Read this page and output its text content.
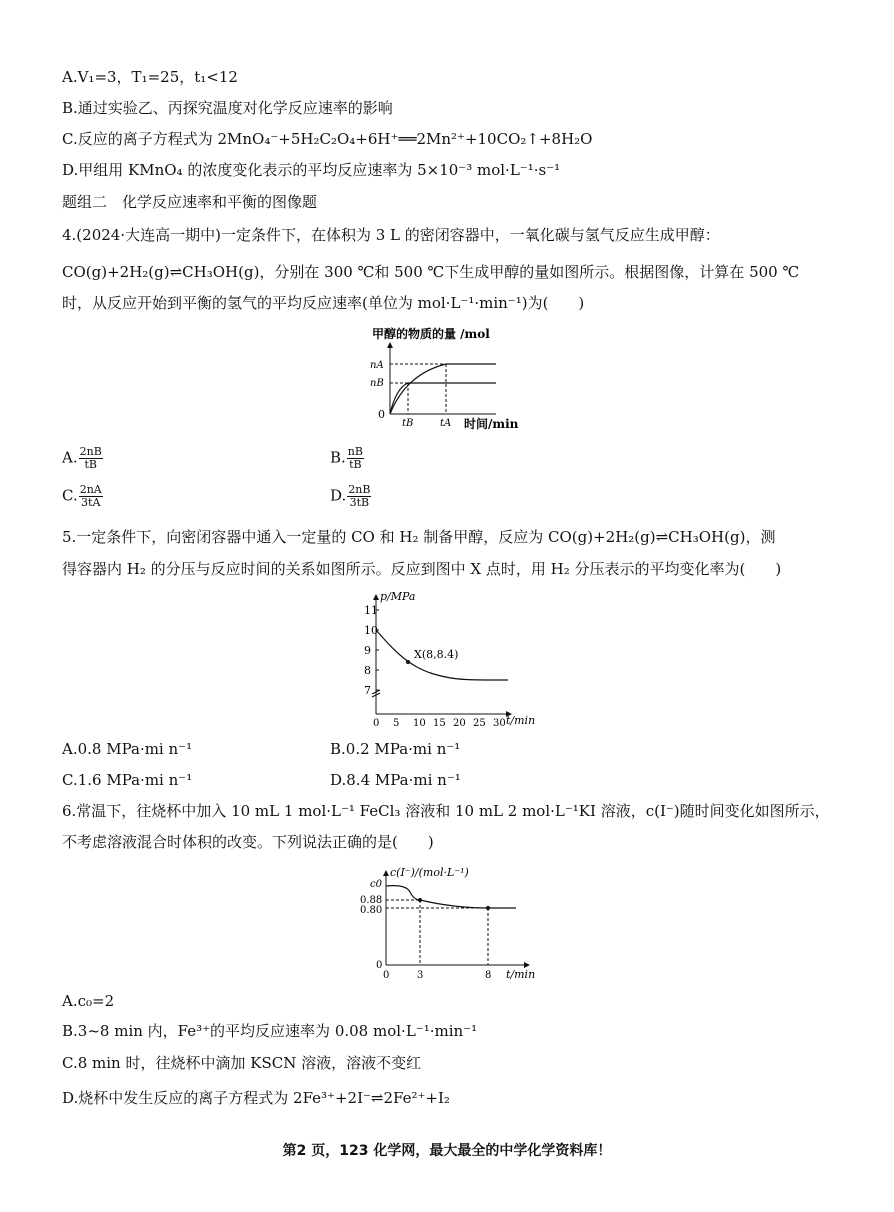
A.V₁=3，T₁=25，t₁<12
B.通过实验乙、丙探究温度对化学反应速率的影响
C.反应的离子方程式为 2MnO₄⁻+5H₂C₂O₄+6H⁺══2Mn²⁺+10CO₂↑+8H₂O
D.甲组用 KMnO₄ 的浓度变化表示的平均反应速率为 5×10⁻³ mol·L⁻¹·s⁻¹
题组二　化学反应速率和平衡的图像题
4.(2024·大连高一期中)一定条件下，在体积为 3 L 的密闭容器中，一氧化碳与氢气反应生成甲醇：
CO(g)+2H₂(g)⇌CH₃OH(g)，分别在 300 ℃和 500 ℃下生成甲醇的量如图所示。根据图像，计算在 500 ℃
时，从反应开始到平衡的氢气的平均反应速率(单位为 mol·L⁻¹·min⁻¹)为(　　)
甲醇的物质的量 /mol
0
nA
nB
tB	tA 时间/min
A. $\frac{2nB}{tB}$	B. $\frac{nB}{tB}$
C. $\frac{2nA}{3tA}$	D. $\frac{2nB}{3tB}$
5.一定条件下，向密闭容器中通入一定量的 CO 和 H₂ 制备甲醇，反应为 CO(g)+2H₂(g)⇌CH₃OH(g)，测
得容器内 H₂ 的分压与反应时间的关系如图所示。反应到图中 X 点时，用 H₂ 分压表示的平均变化率为(　　)
p/MPa
7
8
9
10
11
0 5 10 15 20 25 30
X(8,8.4)
t/min
A.0.8 MPa·mi n⁻¹	B.0.2 MPa·mi n⁻¹
C.1.6 MPa·mi n⁻¹	D.8.4 MPa·mi n⁻¹
6.常温下，往烧杯中加入 10 mL 1 mol·L⁻¹ FeCl₃ 溶液和 10 mL 2 mol·L⁻¹KI 溶液，c(I⁻)随时间变化如图所示，
不考虑溶液混合时体积的改变。下列说法正确的是(　　)
c(I⁻)/(mol·L⁻¹)
c0
0.88
0.80
0
0	3	8 t/min
A.c₀=2
B.3~8 min 内，Fe³⁺的平均反应速率为 0.08 mol·L⁻¹·min⁻¹
C.8 min 时，往烧杯中滴加 KSCN 溶液，溶液不变红
D.烧杯中发生反应的离子方程式为 2Fe³⁺+2I⁻⇌2Fe²⁺+I₂
第2 页，123 化学网，最大最全的中学化学资料库！
